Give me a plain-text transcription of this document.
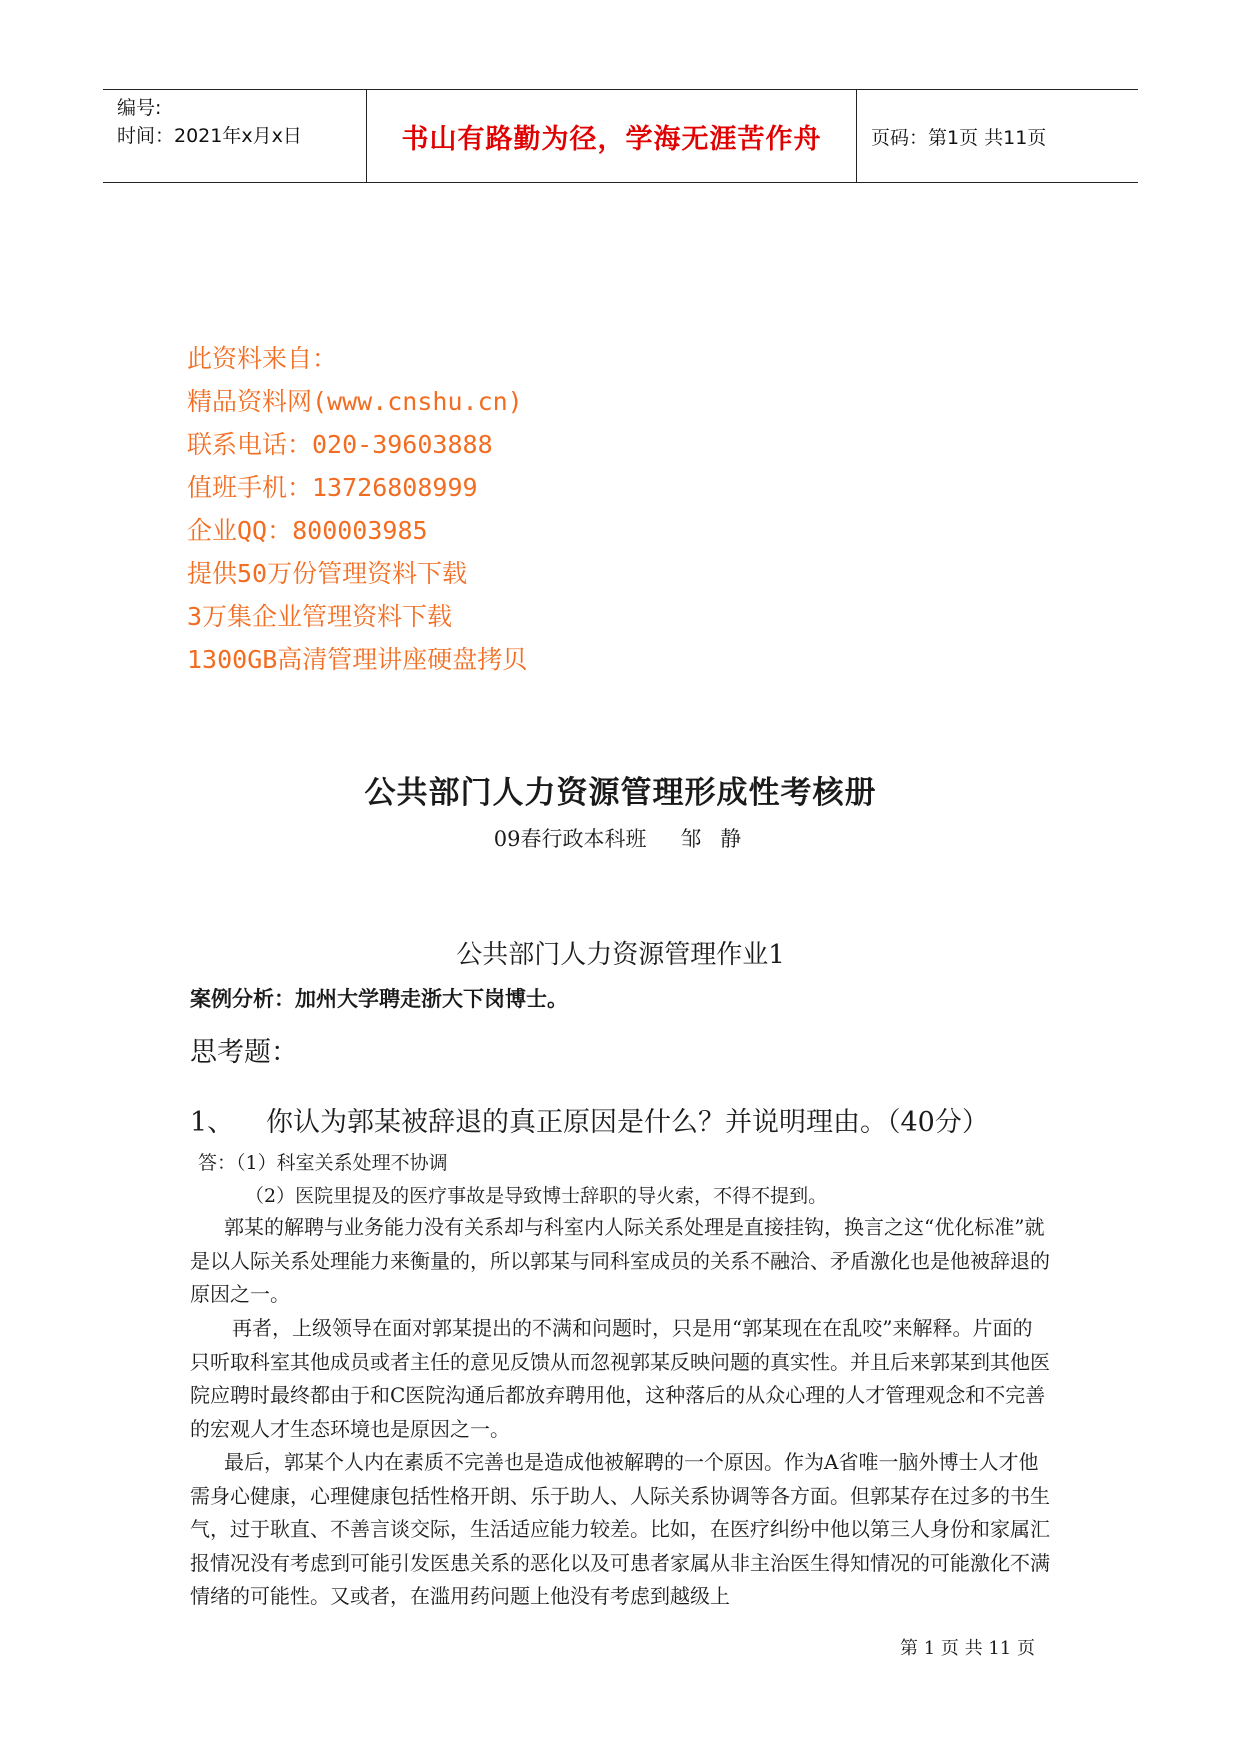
编号:
时间：2021年x月x日	书山有路勤为径，学海无涯苦作舟	页码：第1页 共11页
此资料来自：
精品资料网(www.cnshu.cn)
联系电话：020-39603888
值班手机：13726808999
企业QQ：800003985
提供50万份管理资料下载
3万集企业管理资料下载
1300GB高清管理讲座硬盘拷贝
公共部门人力资源管理形成性考核册
09春行政本科班 邹 静
公共部门人力资源管理作业1
案例分析：加州大学聘走浙大下岗博士。
思考题：
1、 你认为郭某被辞退的真正原因是什么？并说明理由。（40分）
答：（1）科室关系处理不协调
（2）医院里提及的医疗事故是导致博士辞职的导火索，不得不提到。
郭某的解聘与业务能力没有关系却与科室内人际关系处理是直接挂钩，换言之这“优化标准”就是以人际关系处理能力来衡量的，所以郭某与同科室成员的关系不融洽、矛盾激化也是他被辞退的原因之一。
再者，上级领导在面对郭某提出的不满和问题时，只是用“郭某现在在乱咬”来解释。片面的只听取科室其他成员或者主任的意见反馈从而忽视郭某反映问题的真实性。并且后来郭某到其他医院应聘时最终都由于和C医院沟通后都放弃聘用他，这种落后的从众心理的人才管理观念和不完善的宏观人才生态环境也是原因之一。
最后，郭某个人内在素质不完善也是造成他被解聘的一个原因。作为A省唯一脑外博士人才他需身心健康，心理健康包括性格开朗、乐于助人、人际关系协调等各方面。但郭某存在过多的书生气，过于耿直、不善言谈交际，生活适应能力较差。比如，在医疗纠纷中他以第三人身份和家属汇报情况没有考虑到可能引发医患关系的恶化以及可患者家属从非主治医生得知情况的可能激化不满情绪的可能性。又或者，在滥用药问题上他没有考虑到越级上
第 1 页 共 11 页
